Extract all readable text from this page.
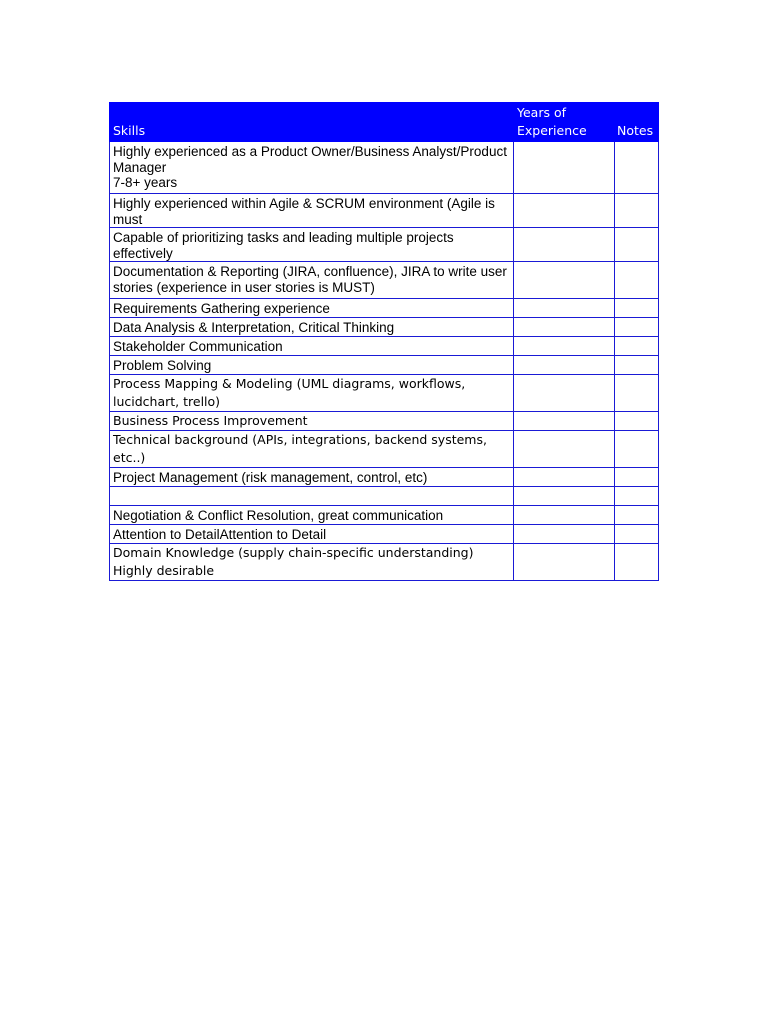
Skills	Years of Experience	Notes
Highly experienced as a Product Owner/Business Analyst/Product Manager
7-8+ years		
Highly experienced within Agile & SCRUM environment (Agile is must		
Capable of prioritizing tasks and leading multiple projects effectively		
Documentation & Reporting (JIRA, confluence), JIRA to write user stories (experience in user stories is MUST)		
Requirements Gathering experience		
Data Analysis & Interpretation, Critical Thinking		
Stakeholder Communication		
Problem Solving		
Process Mapping & Modeling (UML diagrams, workflows, lucidchart, trello)		
Business Process Improvement		
Technical background (APIs, integrations, backend systems, etc..)		
Project Management (risk management, control, etc)		

Negotiation & Conflict Resolution, great communication		
Attention to DetailAttention to Detail		
Domain Knowledge (supply chain-specific understanding)
Highly desirable		
